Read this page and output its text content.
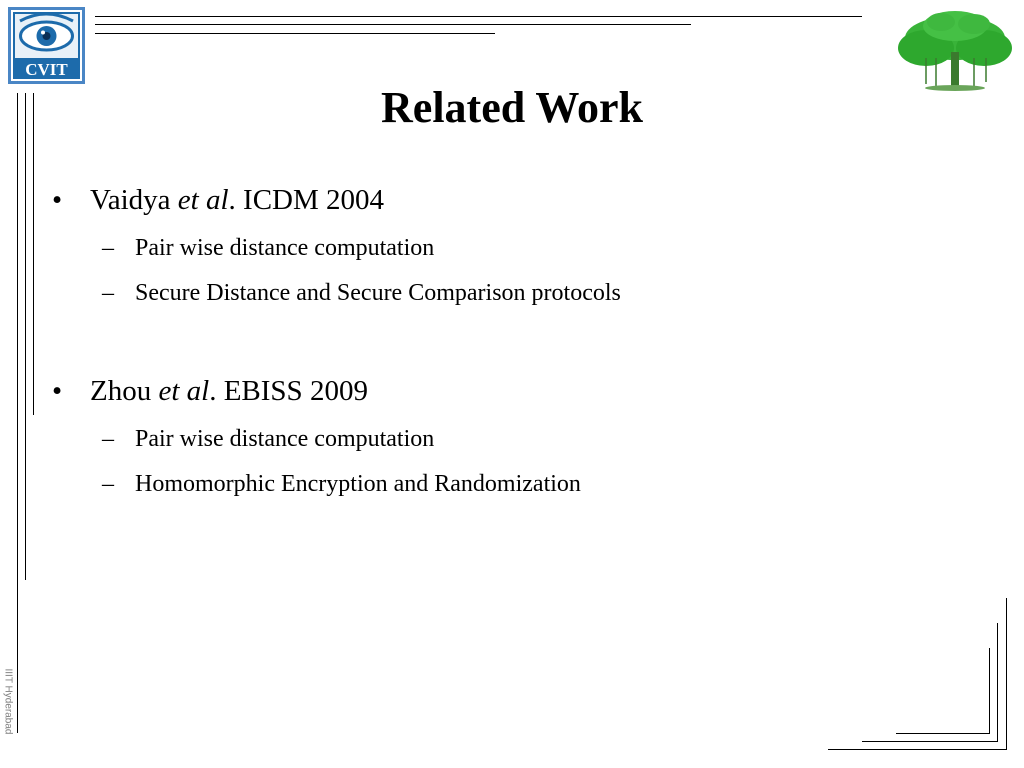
CVIT
Related Work
• Vaidya et al. ICDM 2004
– Pair wise distance computation
– Secure Distance and Secure Comparison protocols
• Zhou et al. EBISS 2009
– Pair wise distance computation
– Homomorphic Encryption and Randomization
IIIT Hyderabad
